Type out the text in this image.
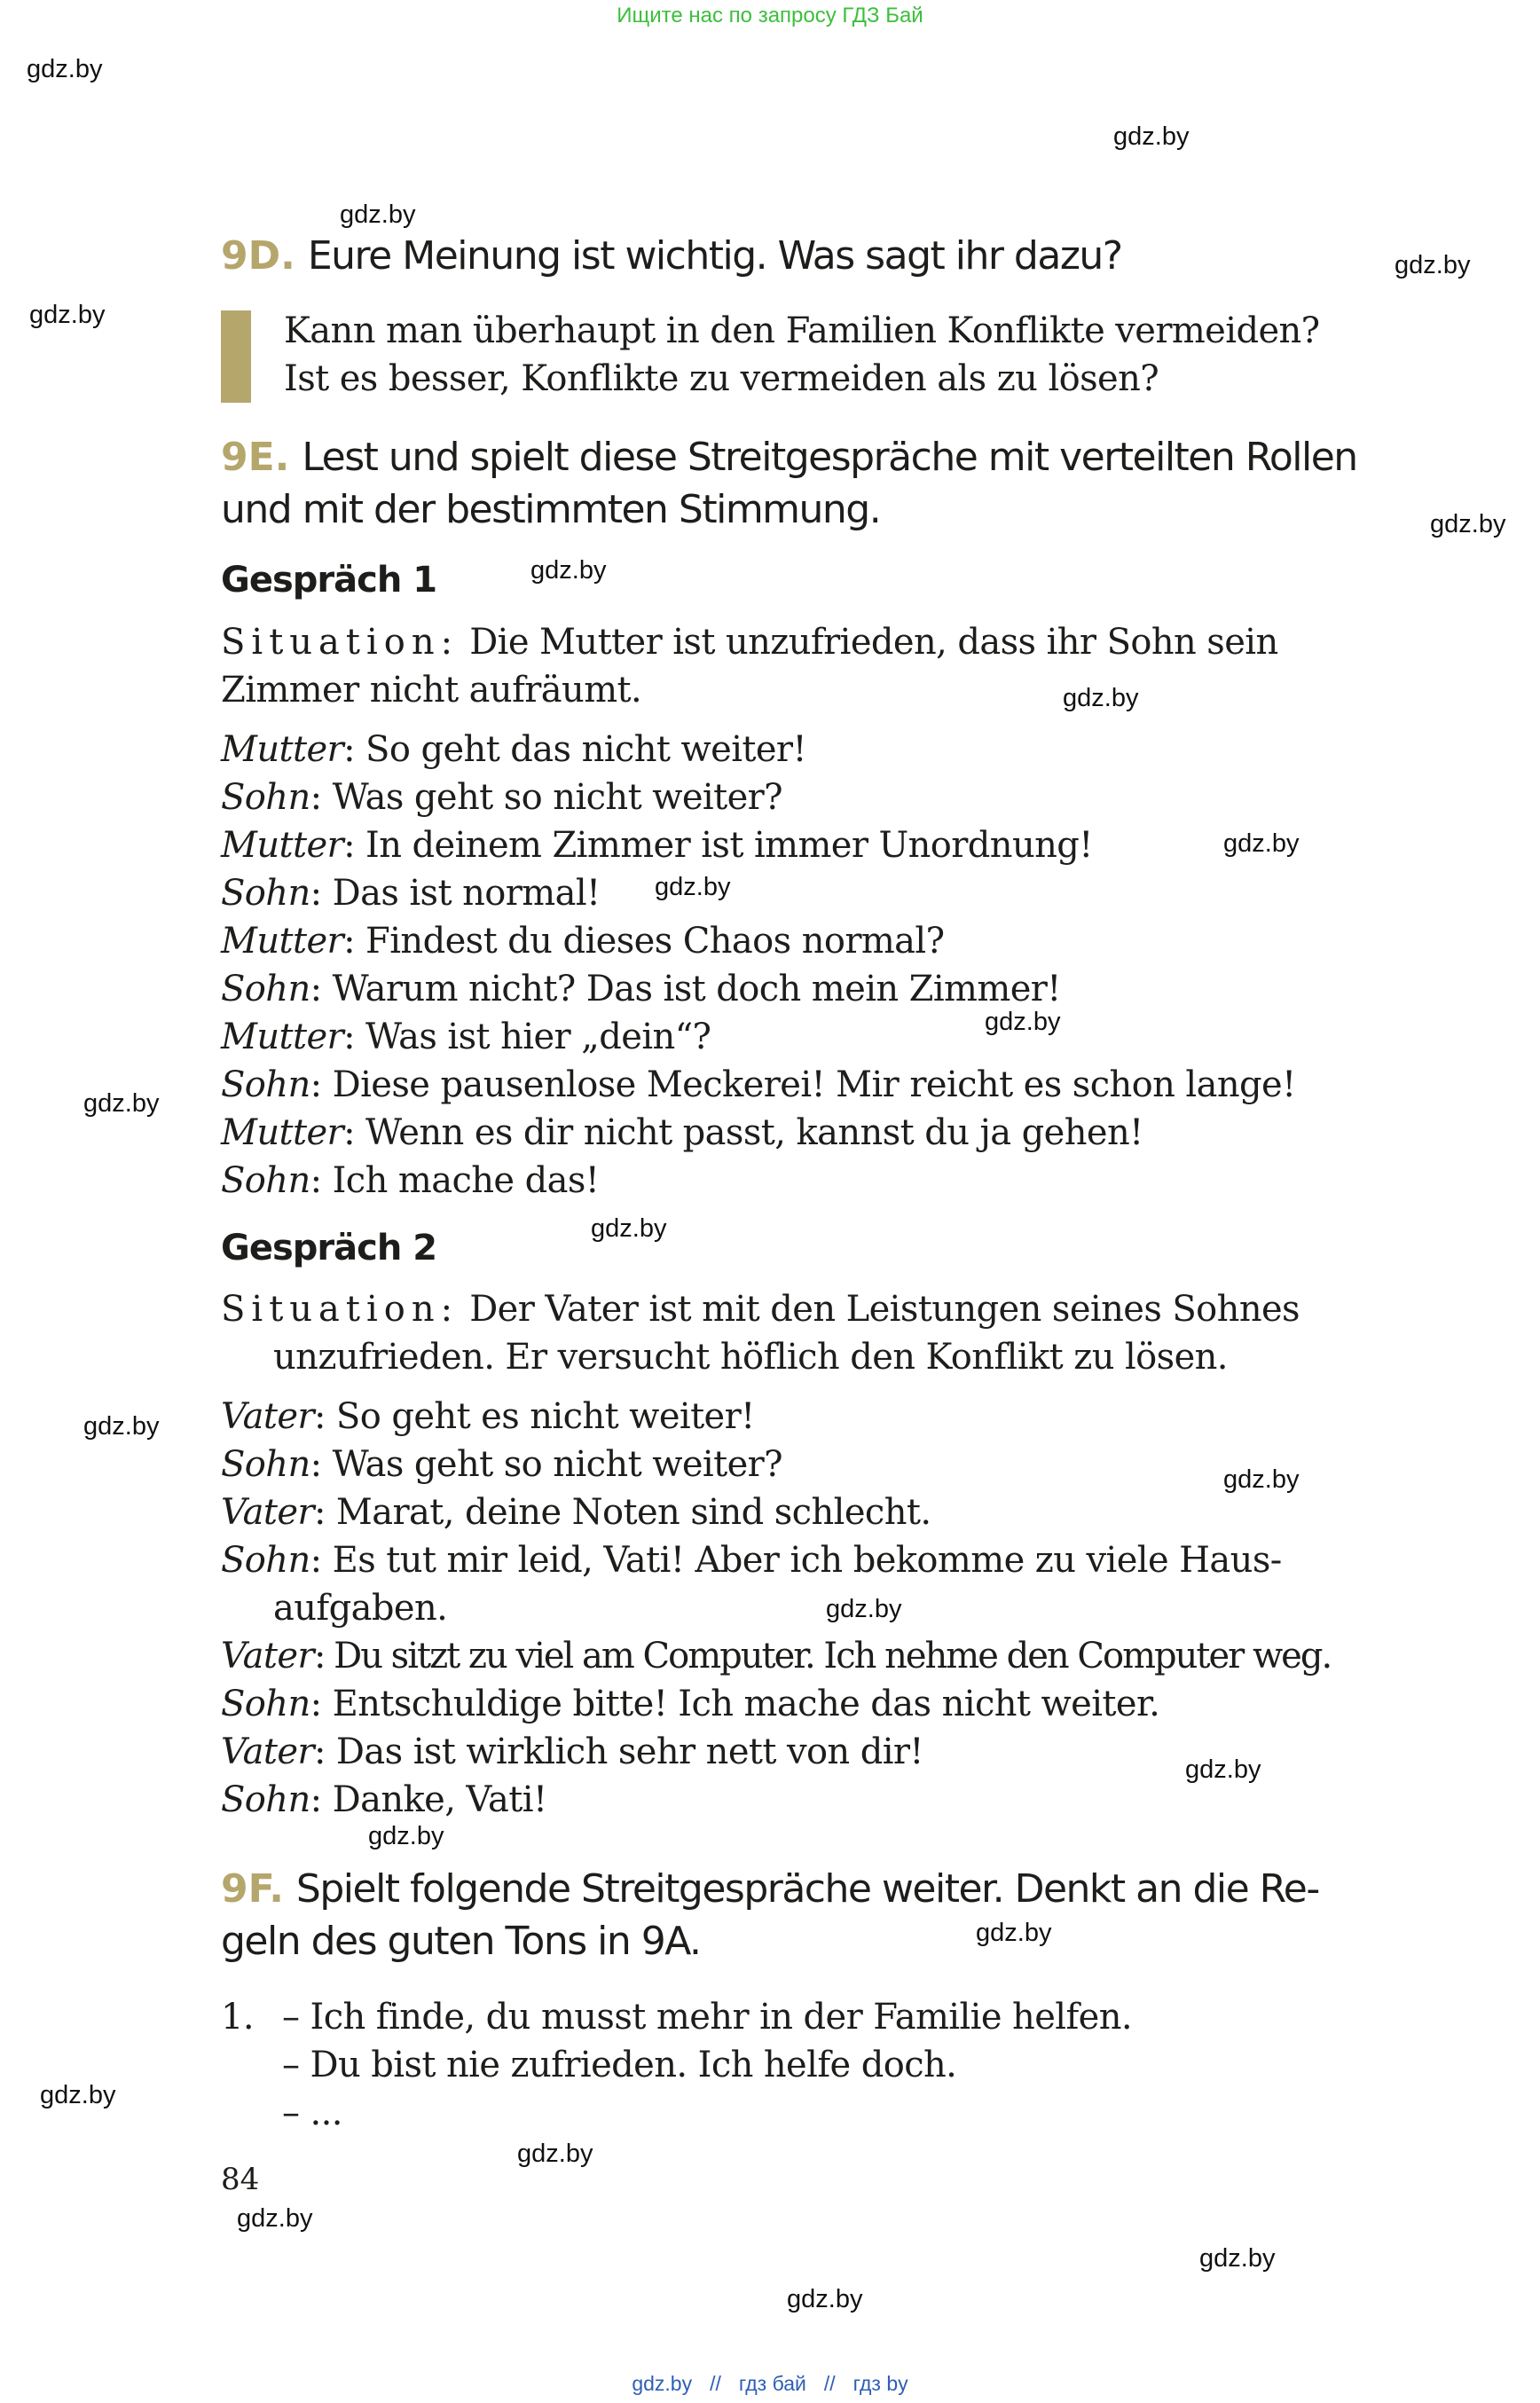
Ищите нас по запросу ГДЗ Бай
gdz.by
gdz.by
gdz.by
gdz.by
gdz.by
gdz.by
gdz.by
gdz.by
gdz.by
gdz.by
gdz.by
gdz.by
gdz.by
gdz.by
gdz.by
gdz.by
gdz.by
gdz.by
gdz.by
gdz.by
gdz.by
gdz.by
gdz.by
gdz.by
9D. Eure Meinung ist wichtig. Was sagt ihr dazu?
Kann man überhaupt in den Familien Konflikte vermeiden?
Ist es besser, Konflikte zu vermeiden als zu lösen?
9E. Lest und spielt diese Streitgespräche mit verteilten Rollen
und mit der bestimmten Stimmung.
Gespräch 1
Situation: Die Mutter ist unzufrieden, dass ihr Sohn sein
Zimmer nicht aufräumt.
Mutter: So geht das nicht weiter!
Sohn: Was geht so nicht weiter?
Mutter: In deinem Zimmer ist immer Unordnung!
Sohn: Das ist normal!
Mutter: Findest du dieses Chaos normal?
Sohn: Warum nicht? Das ist doch mein Zimmer!
Mutter: Was ist hier „dein“?
Sohn: Diese pausenlose Meckerei! Mir reicht es schon lange!
Mutter: Wenn es dir nicht passt, kannst du ja gehen!
Sohn: Ich mache das!
Gespräch 2
Situation: Der Vater ist mit den Leistungen seines Sohnes
unzufrieden. Er versucht höflich den Konflikt zu lösen.
Vater: So geht es nicht weiter!
Sohn: Was geht so nicht weiter?
Vater: Marat, deine Noten sind schlecht.
Sohn: Es tut mir leid, Vati! Aber ich bekomme zu viele Haus-
aufgaben.
Vater: Du sitzt zu viel am Computer. Ich nehme den Computer weg.
Sohn: Entschuldige bitte! Ich mache das nicht weiter.
Vater: Das ist wirklich sehr nett von dir!
Sohn: Danke, Vati!
9F. Spielt folgende Streitgespräche weiter. Denkt an die Re-
geln des guten Tons in 9A.
1. – Ich finde, du musst mehr in der Familie helfen.
– Du bist nie zufrieden. Ich helfe doch.
– ...
84
gdz.by // гдз бай // гдз by
